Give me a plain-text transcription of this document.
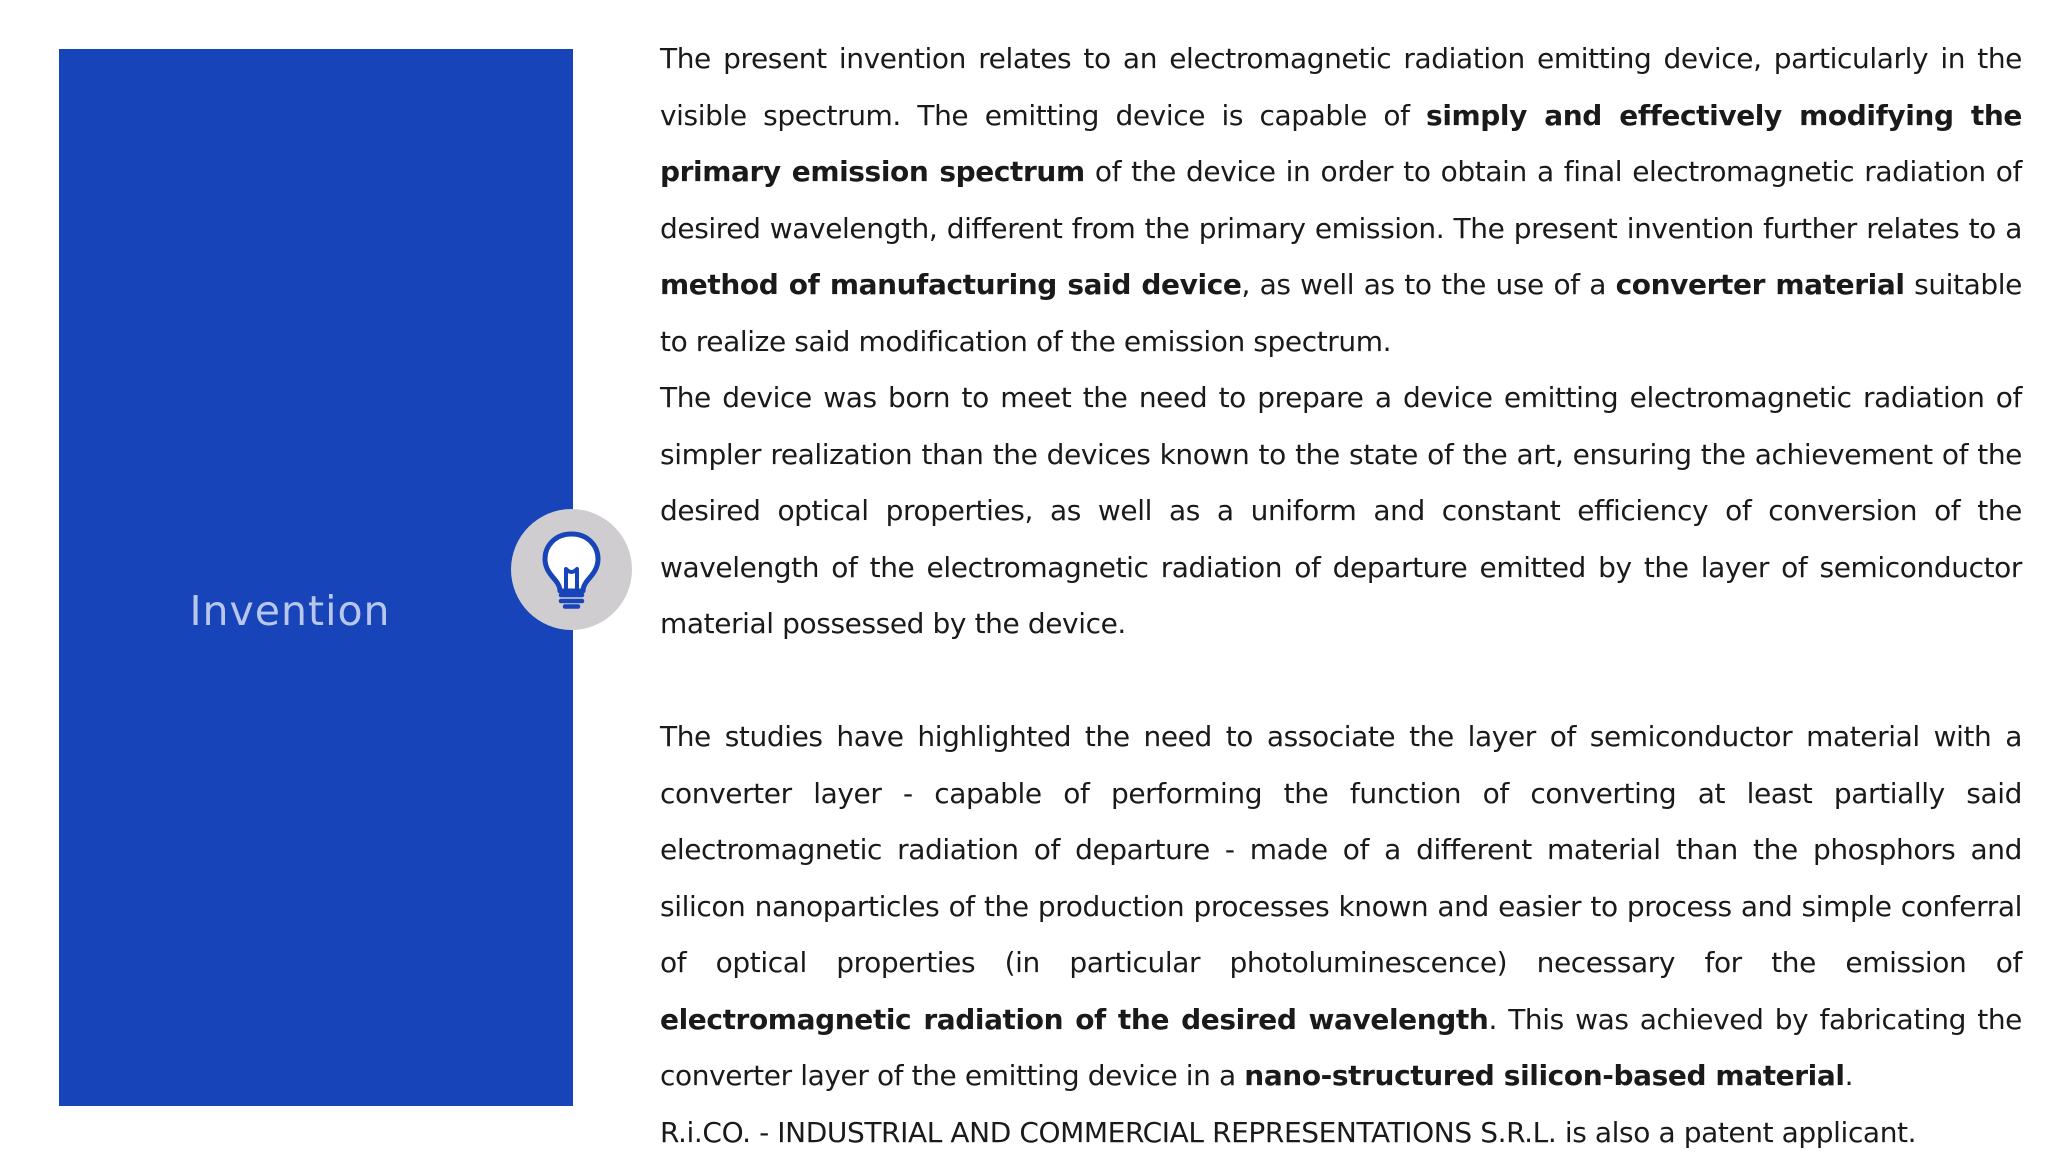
Invention

The present invention relates to an electromagnetic radiation emitting device, particularly in the visible spectrum. The emitting device is capable of simply and effectively modifying the primary emission spectrum of the device in order to obtain a final electromagnetic radiation of desired wavelength, different from the primary emission. The present invention further relates to a method of manufacturing said device, as well as to the use of a converter material suitable to realize said modification of the emission spectrum.

The device was born to meet the need to prepare a device emitting electromagnetic radiation of simpler realization than the devices known to the state of the art, ensuring the achievement of the desired optical properties, as well as a uniform and constant efficiency of conversion of the wavelength of the electromagnetic radiation of departure emitted by the layer of semiconductor material possessed by the device.

The studies have highlighted the need to associate the layer of semiconductor material with a converter layer - capable of performing the function of converting at least partially said electromagnetic radiation of departure - made of a different material than the phosphors and silicon nanoparticles of the production processes known and easier to process and simple conferral of optical properties (in particular photoluminescence) necessary for the emission of electromagnetic radiation of the desired wavelength. This was achieved by fabricating the converter layer of the emitting device in a nano-structured silicon-based material.

R.i.CO. - INDUSTRIAL AND COMMERCIAL REPRESENTATIONS S.R.L. is also a patent applicant.
